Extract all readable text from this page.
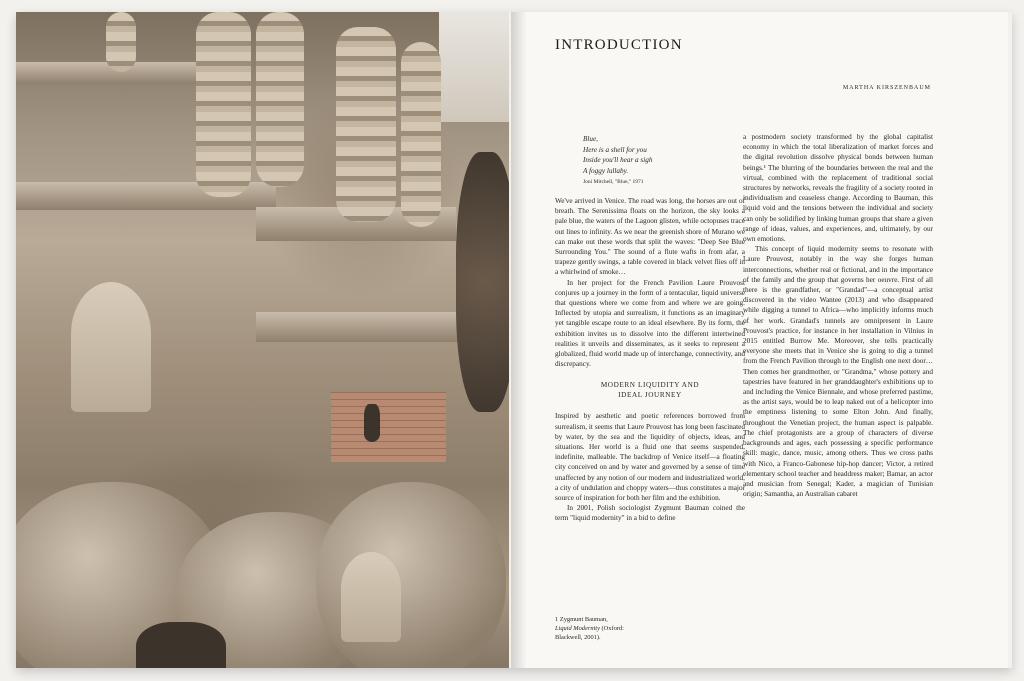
INTRODUCTION
MARTHA KIRSZENBAUM
Blue,
Here is a shell for you
Inside you'll hear a sigh
A foggy lullaby.
Joni Mitchell, "Blue," 1971

We've arrived in Venice. The road was long, the horses are out of breath. The Serenissima floats on the horizon, the sky looks a pale blue, the waters of the Lagoon glisten, while octopuses trace out lines to infinity. As we near the greenish shore of Murano we can make out these words that split the waves: "Deep See Blue Surrounding You." The sound of a flute wafts in from afar, a trapeze gently swings, a table covered in black velvet flies off in a whirlwind of smoke…

In her project for the French Pavilion Laure Prouvost conjures up a journey in the form of a tentacular, liquid universe that questions where we come from and where we are going. Inflected by utopia and surrealism, it functions as an imaginary yet tangible escape route to an ideal elsewhere. By its form, the exhibition invites us to dissolve into the different intertwined realities it unveils and disseminates, as it seeks to represent a globalized, fluid world made up of interchange, connectivity, and discrepancy.

MODERN LIQUIDITY AND
IDEAL JOURNEY

Inspired by aesthetic and poetic references borrowed from surrealism, it seems that Laure Prouvost has long been fascinated by water, by the sea and the liquidity of objects, ideas, and situations. Her world is a fluid one that seems suspended, indefinite, malleable. The backdrop of Venice itself—a floating city conceived on and by water and governed by a sense of time unaffected by any notion of our modern and industrialized world, a city of undulation and choppy waters—thus constitutes a major source of inspiration for both her film and the exhibition.

In 2001, Polish sociologist Zygmunt Bauman coined the term "liquid modernity" in a bid to define

a postmodern society transformed by the global capitalist economy in which the total liberalization of market forces and the digital revolution dissolve physical bonds between human beings.¹ The blurring of the boundaries between the real and the virtual, combined with the replacement of traditional social structures by networks, reveals the fragility of a society rooted in individualism and ceaseless change. According to Bauman, this liquid void and the tensions between the individual and society can only be solidified by linking human groups that share a given range of ideas, values, and experiences, and, ultimately, by our own emotions.

This concept of liquid modernity seems to resonate with Laure Prouvost, notably in the way she forges human interconnections, whether real or fictional, and in the importance of the family and the group that governs her oeuvre. First of all there is the grandfather, or "Grandad"—a conceptual artist discovered in the video Wantee (2013) and who disappeared while digging a tunnel to Africa—who implicitly informs much of her work. Grandad's tunnels are omnipresent in Laure Prouvost's practice, for instance in her installation in Vilnius in 2015 entitled Burrow Me. Moreover, she tells practically everyone she meets that in Venice she is going to dig a tunnel from the French Pavilion through to the English one next door… Then comes her grandmother, or "Grandma," whose pottery and tapestries have featured in her granddaughter's exhibitions up to and including the Venice Biennale, and whose preferred pastime, as the artist says, would be to leap naked out of a helicopter into the emptiness listening to some Elton John. And finally, throughout the Venetian project, the human aspect is palpable. The chief protagonists are a group of characters of diverse backgrounds and ages, each possessing a specific performance skill: magic, dance, music, among others. Thus we cross paths with Nico, a Franco-Gabonese hip-hop dancer; Victor, a retired elementary school teacher and headdress maker; Bamar, an actor and musician from Senegal; Kader, a magician of Tunisian origin; Samantha, an Australian cabaret

1 Zygmunt Bauman,
Liquid Modernity (Oxford:
Blackwell, 2001).
